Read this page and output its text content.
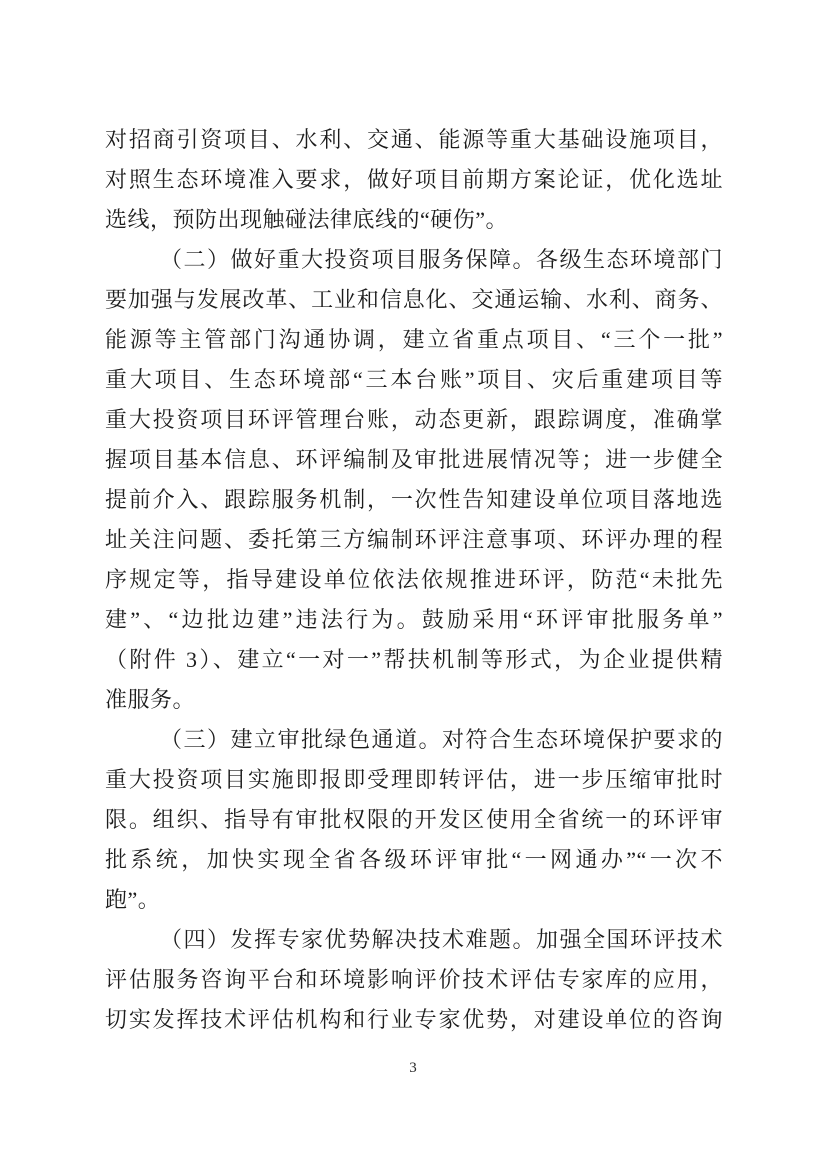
对招商引资项目、水利、交通、能源等重大基础设施项目，
对照生态环境准入要求，做好项目前期方案论证，优化选址
选线，预防出现触碰法律底线的“硬伤”。
（二）做好重大投资项目服务保障。各级生态环境部门
要加强与发展改革、工业和信息化、交通运输、水利、商务、
能源等主管部门沟通协调，建立省重点项目、“三个一批”
重大项目、生态环境部“三本台账”项目、灾后重建项目等
重大投资项目环评管理台账，动态更新，跟踪调度，准确掌
握项目基本信息、环评编制及审批进展情况等；进一步健全
提前介入、跟踪服务机制，一次性告知建设单位项目落地选
址关注问题、委托第三方编制环评注意事项、环评办理的程
序规定等，指导建设单位依法依规推进环评，防范“未批先
建”、“边批边建”违法行为。鼓励采用“环评审批服务单”
（附件 3）、建立“一对一”帮扶机制等形式，为企业提供精
准服务。
（三）建立审批绿色通道。对符合生态环境保护要求的
重大投资项目实施即报即受理即转评估，进一步压缩审批时
限。组织、指导有审批权限的开发区使用全省统一的环评审
批系统，加快实现全省各级环评审批“一网通办”“一次不
跑”。
（四）发挥专家优势解决技术难题。加强全国环评技术
评估服务咨询平台和环境影响评价技术评估专家库的应用，
切实发挥技术评估机构和行业专家优势，对建设单位的咨询
3
